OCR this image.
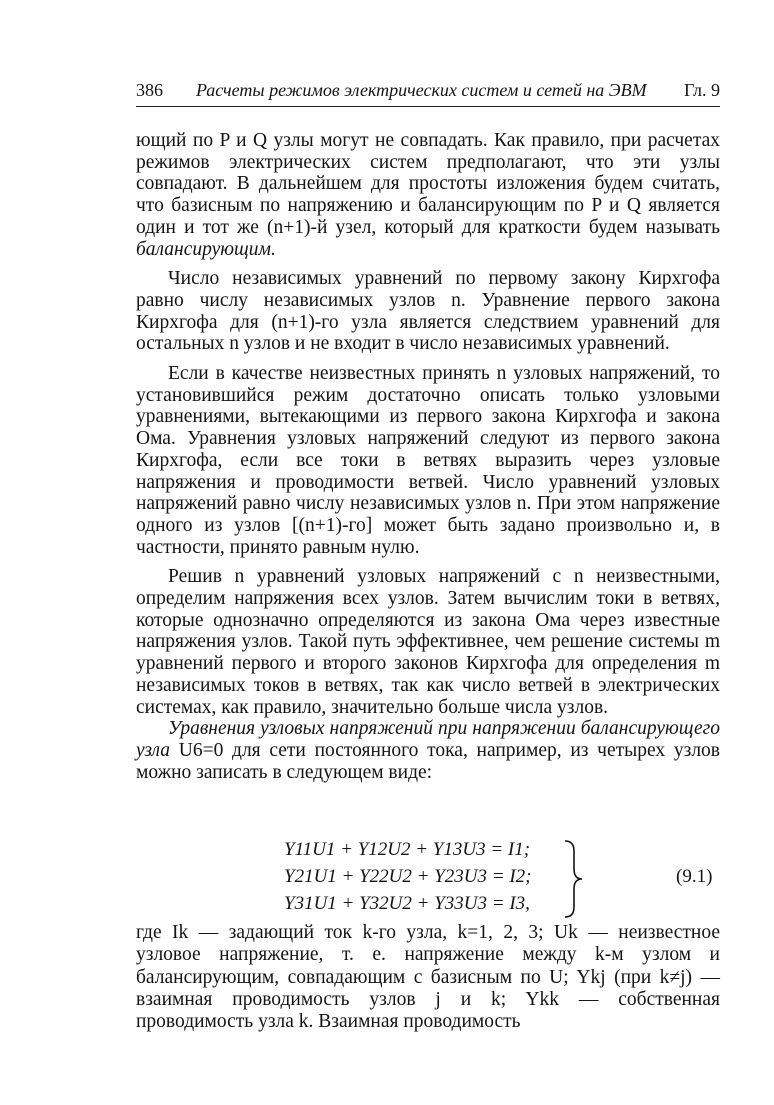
386 Расчеты режимов электрических систем и сетей на ЭВМ Гл. 9

ющий по P и Q узлы могут не совпадать. Как правило, при расчетах режимов электрических систем предполагают, что эти узлы совпадают. В дальнейшем для простоты изложения будем считать, что базисным по напряжению и балансирующим по P и Q является один и тот же (n+1)-й узел, который для краткости будем называть балансирующим.

Число независимых уравнений по первому закону Кирхгофа равно числу независимых узлов n. Уравнение первого закона Кирхгофа для (n+1)-го узла является следствием уравнений для остальных n узлов и не входит в число независимых уравнений.

Если в качестве неизвестных принять n узловых напряжений, то установившийся режим достаточно описать только узловыми уравнениями, вытекающими из первого закона Кирхгофа и закона Ома. Уравнения узловых напряжений следуют из первого закона Кирхгофа, если все токи в ветвях выразить через узловые напряжения и проводимости ветвей. Число уравнений узловых напряжений равно числу независимых узлов n. При этом напряжение одного из узлов [(n+1)-го] может быть задано произвольно и, в частности, принято равным нулю.

Решив n уравнений узловых напряжений с n неизвестными, определим напряжения всех узлов. Затем вычислим токи в ветвях, которые однозначно определяются из закона Ома через известные напряжения узлов. Такой путь эффективнее, чем решение системы m уравнений первого и второго законов Кирхгофа для определения m независимых токов в ветвях, так как число ветвей в электрических системах, как правило, значительно больше числа узлов.

Уравнения узловых напряжений при напряжении балансирующего узла U6=0 для сети постоянного тока, например, из четырех узлов можно записать в следующем виде:

Y11U1 + Y12U2 + Y13U3 = I1;
Y21U1 + Y22U2 + Y23U3 = I2;
Y31U1 + Y32U2 + Y33U3 = I3,
(9.1)

где Ik — задающий ток k-го узла, k=1, 2, 3; Uk — неизвестное узловое напряжение, т. е. напряжение между k-м узлом и балансирующим, совпадающим с базисным по U; Ykj (при k≠j) — взаимная проводимость узлов j и k; Ykk — собственная проводимость узла k. Взаимная проводимость
